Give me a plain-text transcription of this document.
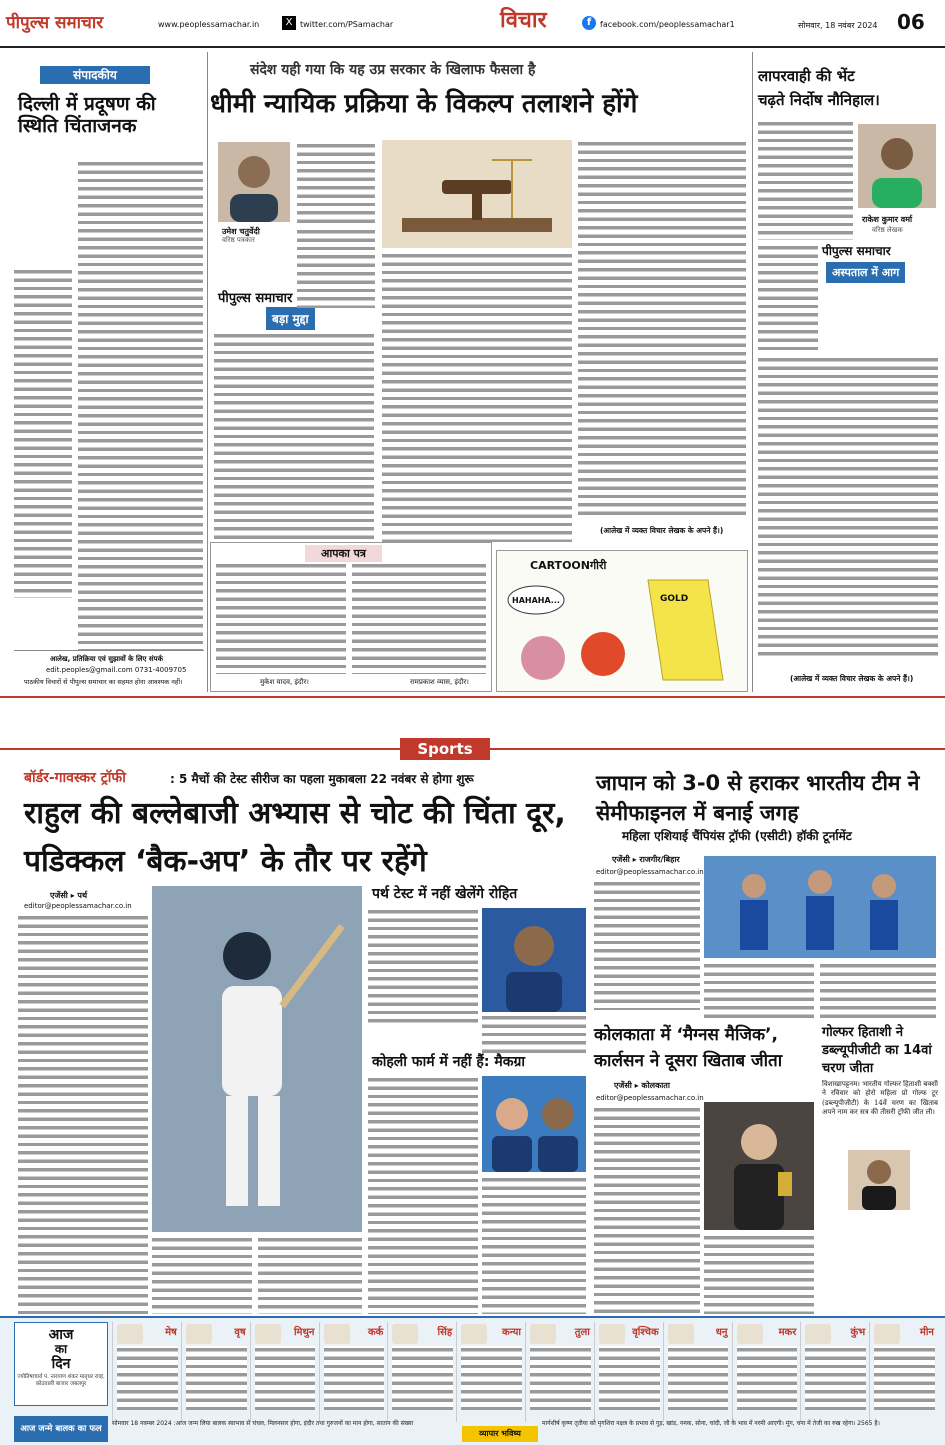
पीपुल्स समाचार	www.peoplessamachar.in	X twitter.com/PSamachar	विचार	f	facebook.com/peoplessamachar1	सोमवार, 18 नवंबर 2024 06
संपादकीय
दिल्ली में प्रदूषण की स्थिति चिंताजनक
आलेख, प्रतिक्रिया एवं सुझावों के लिए संपर्क
edit.peoples@gmail.com 0731-4009705
पाठकीय विचारों से पीपुल्स समाचार का सहमत होना आवश्यक नहीं।
संदेश यही गया कि यह उप्र सरकार के खिलाफ फैसला है
धीमी न्यायिक प्रक्रिया के विकल्प तलाशने होंगे
उमेश चतुर्वेदी
वरिष्ठ पत्रकार
पीपुल्स समाचार
बड़ा मुद्दा
(आलेख में व्यक्त विचार लेखक के अपने हैं।)
आपका पत्र
मुकेश यादव, इंदौर।	रामप्रकाश व्यास, इंदौर।
CARTOONगीरी
HAHAHA...	GOLD
लापरवाही की भेंट
चढ़ते निर्दोष नौनिहाल।
राकेश कुमार वर्मा
वरिष्ठ लेखक
पीपुल्स समाचार
अस्पताल में आग
(आलेख में व्यक्त विचार लेखक के अपने हैं।)
Sports
बॉर्डर-गावस्कर ट्रॉफी	: 5 मैचों की टेस्ट सीरीज का पहला मुकाबला 22 नवंबर से होगा शुरू
राहुल की बल्लेबाजी अभ्यास से चोट की चिंता दूर, पडिक्कल ‘बैक-अप’ के तौर पर रहेंगे
एजेंसी ▸ पर्थ
editor@peoplessamachar.co.in
पर्थ टेस्ट में नहीं खेलेंगे रोहित
कोहली फार्म में नहीं हैं: मैकग्रा
जापान को 3-0 से हराकर भारतीय टीम ने सेमीफाइनल में बनाई जगह
महिला एशियाई चैंपियंस ट्रॉफी (एसीटी) हॉकी टूर्नामेंट
एजेंसी ▸ राजगीर/बिहार
editor@peoplessamachar.co.in
कोलकाता में ‘मैग्नस मैजिक’, कार्लसन ने दूसरा खिताब जीता
एजेंसी ▸ कोलकाता
editor@peoplessamachar.co.in
गोल्फर हिताशी ने डब्ल्यूपीजीटी का 14वां चरण जीता
विशाखापट्टनम। भारतीय गोल्फर हिताशी बक्शी ने रविवार को होरो महिला प्रो गोल्फ टूर (डब्ल्यूपीजीटी) के 14वें चरण का खिताब अपने नाम कर सत्र की तीसरी ट्रॉफी जीत ली।
आज
का
दिन
ज्योतिषाचार्य प. नारायण शंकर मातृधर राव्ह, कोठवाली बाजार जबलपुर
मेष	वृष	मिथुन	कर्क	सिंह	कन्या	तुला	वृश्चिक	धनु	मकर	कुंभ	मीन
आज जन्मे बालक का फल
सोमवार 18 नवम्बर 2024 :आज जन्म लिया बालक स्वाभाव से चंचल, मिलनसार होगा, इंदौर तथा गुरुजनों का मान होगा, सातान की संख्या
व्यापार भविष्य
मार्गशीर्ष कृष्ण तृतीया को मृगशिरा नक्षत्र के प्रभाव से गुड़, खांड, नमक, सोना, चांदी, जौ के भाव में नरमी आएगी। मूंग, चना में तेजी का रुख रहेगा। 2565 है।
